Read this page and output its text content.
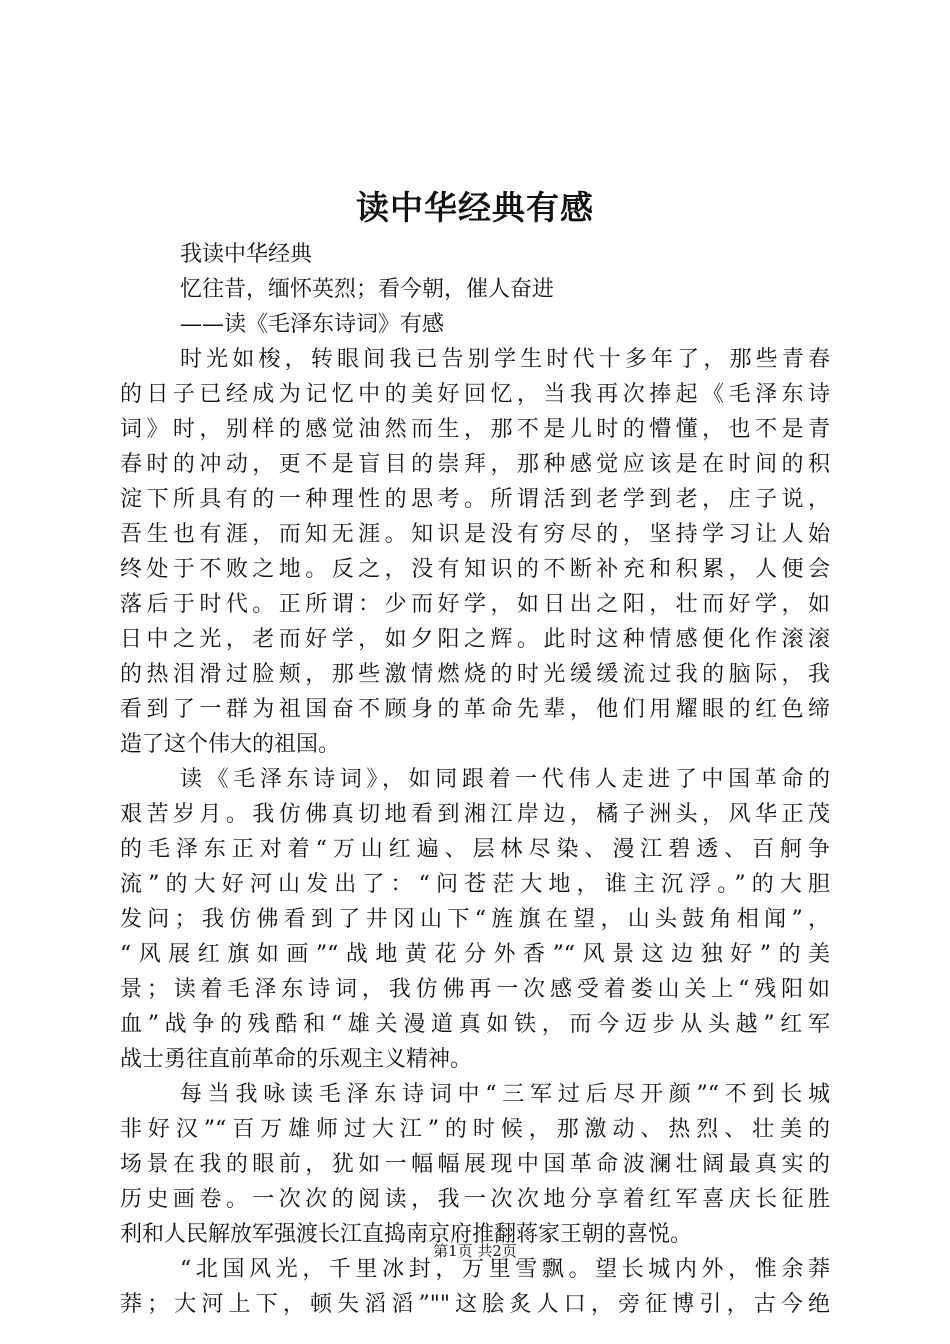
读中华经典有感
我读中华经典
忆往昔，缅怀英烈；看今朝，催人奋进
——读《毛泽东诗词》有感
时光如梭，转眼间我已告别学生时代十多年了，那些青春
的日子已经成为记忆中的美好回忆，当我再次捧起《毛泽东诗
词》时，别样的感觉油然而生，那不是儿时的懵懂，也不是青
春时的冲动，更不是盲目的崇拜，那种感觉应该是在时间的积
淀下所具有的一种理性的思考。所谓活到老学到老，庄子说，
吾生也有涯，而知无涯。知识是没有穷尽的，坚持学习让人始
终处于不败之地。反之，没有知识的不断补充和积累，人便会
落后于时代。正所谓：少而好学，如日出之阳，壮而好学，如
日中之光，老而好学，如夕阳之辉。此时这种情感便化作滚滚
的热泪滑过脸颊，那些激情燃烧的时光缓缓流过我的脑际，我
看到了一群为祖国奋不顾身的革命先辈，他们用耀眼的红色缔
造了这个伟大的祖国。
读《毛泽东诗词》，如同跟着一代伟人走进了中国革命的
艰苦岁月。我仿佛真切地看到湘江岸边，橘子洲头，风华正茂
的毛泽东正对着“万山红遍、层林尽染、漫江碧透、百舸争
流”的大好河山发出了：“问苍茫大地，谁主沉浮。”的大胆
发问；我仿佛看到了井冈山下“旌旗在望，山头鼓角相闻”，
“风展红旗如画”“战地黄花分外香”“风景这边独好”的美
景；读着毛泽东诗词，我仿佛再一次感受着娄山关上“残阳如
血”战争的残酷和“雄关漫道真如铁，而今迈步从头越”红军
战士勇往直前革命的乐观主义精神。
每当我咏读毛泽东诗词中“三军过后尽开颜”“不到长城
非好汉”“百万雄师过大江”的时候，那激动、热烈、壮美的
场景在我的眼前，犹如一幅幅展现中国革命波澜壮阔最真实的
历史画卷。一次次的阅读，我一次次地分享着红军喜庆长征胜
利和人民解放军强渡长江直捣南京府推翻蒋家王朝的喜悦。
“北国风光，千里冰封，万里雪飘。望长城内外，惟余莽
莽；大河上下，顿失滔滔”""这脍炙人口，旁征博引，古今绝
第1页 共2页
